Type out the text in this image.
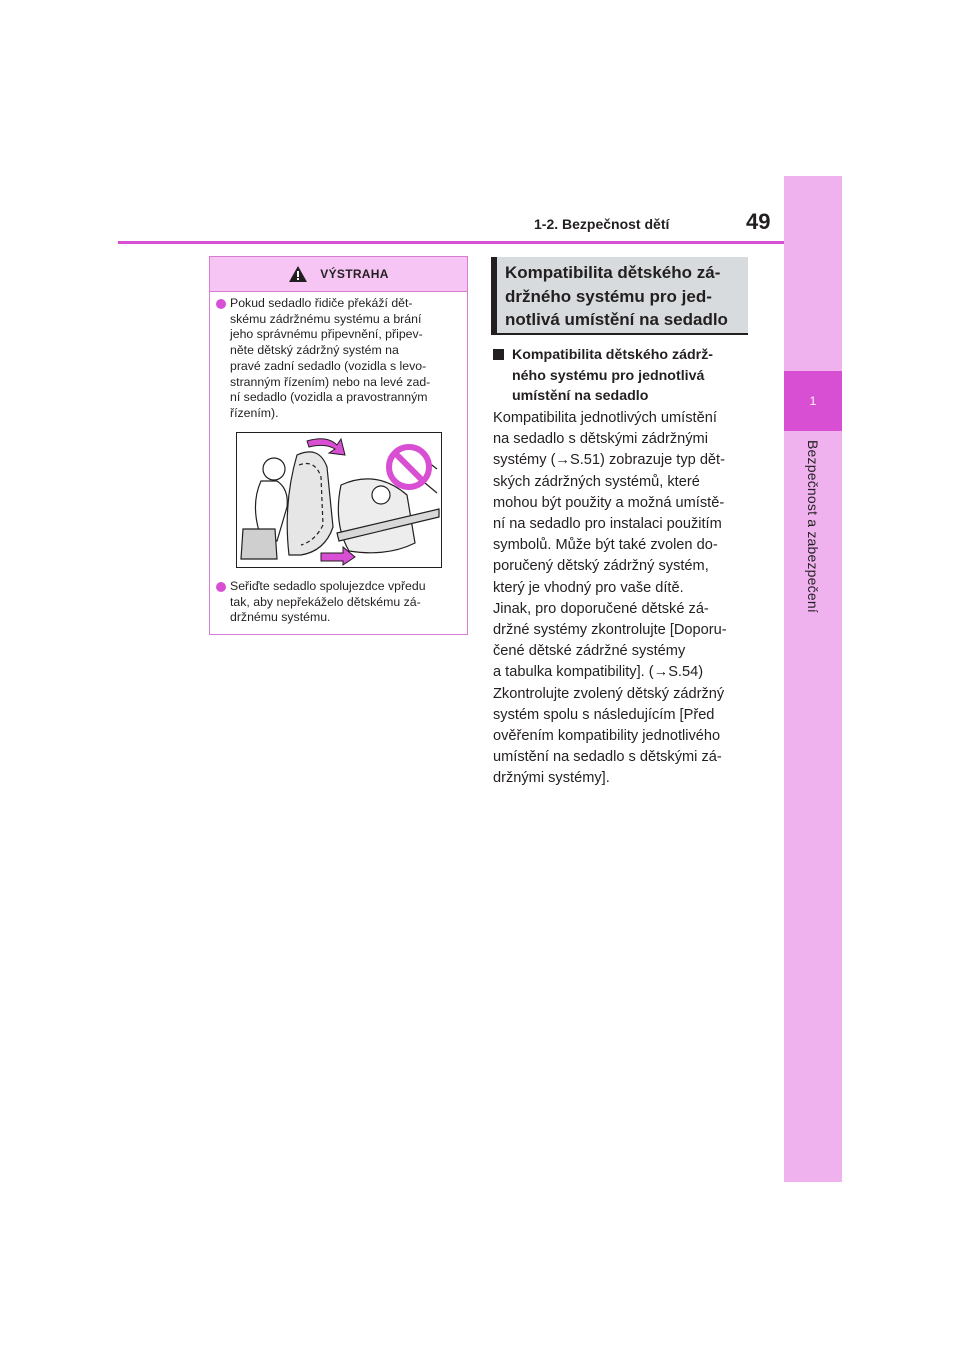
1
Bezpečnost a zabezpečení
1-2. Bezpečnost dětí	49
VÝSTRAHA
Pokud sedadlo řidiče překáží dět-
skému zádržnému systému a brání
jeho správnému připevnění, připev-
něte dětský zádržný systém na
pravé zadní sedadlo (vozidla s levo-
stranným řízením) nebo na levé zad-
ní sedadlo (vozidla a pravostranným
řízením).
Seřiďte sedadlo spolujezdce vpředu
tak, aby nepřekáželo dětskému zá-
držnému systému.
Kompatibilita dětského zá-
držného systému pro jed-
notlivá umístění na sedadlo
Kompatibilita dětského zádrž-
ného systému pro jednotlivá
umístění na sedadlo
Kompatibilita jednotlivých umístění
na sedadlo s dětskými zádržnými
systémy (→S.51) zobrazuje typ dět-
ských zádržných systémů, které
mohou být použity a možná umístě-
ní na sedadlo pro instalaci použitím
symbolů. Může být také zvolen do-
poručený dětský zádržný systém,
který je vhodný pro vaše dítě.
Jinak, pro doporučené dětské zá-
držné systémy zkontrolujte [Doporu-
čené dětské zádržné systémy
a tabulka kompatibility]. (→S.54)
Zkontrolujte zvolený dětský zádržný
systém spolu s následujícím [Před
ověřením kompatibility jednotlivého
umístění na sedadlo s dětskými zá-
držnými systémy].
